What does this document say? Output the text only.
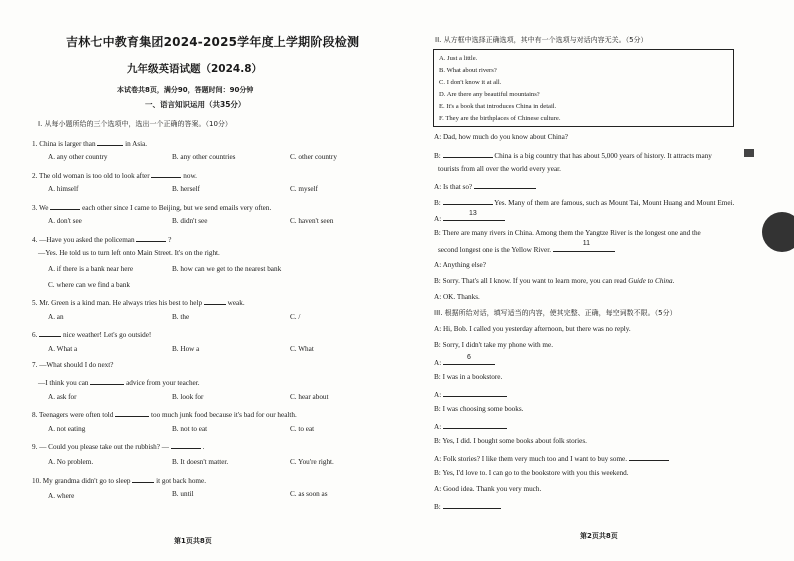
吉林七中教育集团2024-2025学年度上学期阶段检测
九年级英语试题（2024.8）
本试卷共8页，满分90，答题时间：90分钟
一、语言知识运用（共35分）
I. 从每小题所给的三个选项中，选出一个正确的答案。（10分）
1. China is larger than	in Asia.
A. any other country	B. any other countries	C. other country
2. The old woman is too old to look after	now.
A. himself	B. herself	C. myself
3. We	each other since I came to Beijing, but we send emails very often.
A. don't see	B. didn't see	C. haven't seen
4. —Have you asked the policeman	?
—Yes. He told us to turn left onto Main Street. It's on the right.
A. if there is a bank near here	B. how can we get to the nearest bank
C. where can we find a bank
5. Mr. Green is a kind man. He always tries his best to help	weak.
A. an	B. the	C. /
6.	nice weather! Let's go outside!
A. What a	B. How a	C. What
7. —What should I do next?
—I think you can	advice from your teacher.
A. ask for	B. look for	C. hear about
8. Teenagers were often told	too much junk food because it's bad for our health.
A. not eating	B. not to eat	C. to eat
9. — Could you please take out the rubbish? —	.
A. No problem.	B. It doesn't matter.	C. You're right.
10. My grandma didn't go to sleep	it got back home.
A. where	B. until	C. as soon as
第1页共8页
II. 从方框中选择正确选项，其中有一个选项与对话内容无关。（5分）
A. Just a little.
B. What about rivers?
C. I don't know it at all.
D. Are there any beautiful mountains?
E. It's a book that introduces China in detail.
F. They are the birthplaces of Chinese culture.
A: Dad, how much do you know about China?
B:	China is a big country that has about 5,000 years of history. It attracts many
tourists from all over the world every year.
A: Is that so?
B:	Yes. Many of them are famous, such as Mount Tai, Mount Huang and Mount Emei.
A:
13
B: There are many rivers in China. Among them the Yangtze River is the longest one and the
second longest one is the Yellow River.
11
A: Anything else?
B: Sorry. That's all I know. If you want to learn more, you can read Guide to China.
A: OK. Thanks.
III. 根据所给对话，填写适当的内容，使其完整、正确，每空词数不限。（5分）
A: Hi, Bob. I called you yesterday afternoon, but there was no reply.
B: Sorry, I didn't take my phone with me.
A:
6
B: I was in a bookstore.
A:
B: I was choosing some books.
A:
B: Yes, I did. I bought some books about folk stories.
A: Folk stories? I like them very much too and I want to buy some.
B: Yes, I'd love to. I can go to the bookstore with you this weekend.
A: Good idea. Thank you very much.
B:
第2页共8页
